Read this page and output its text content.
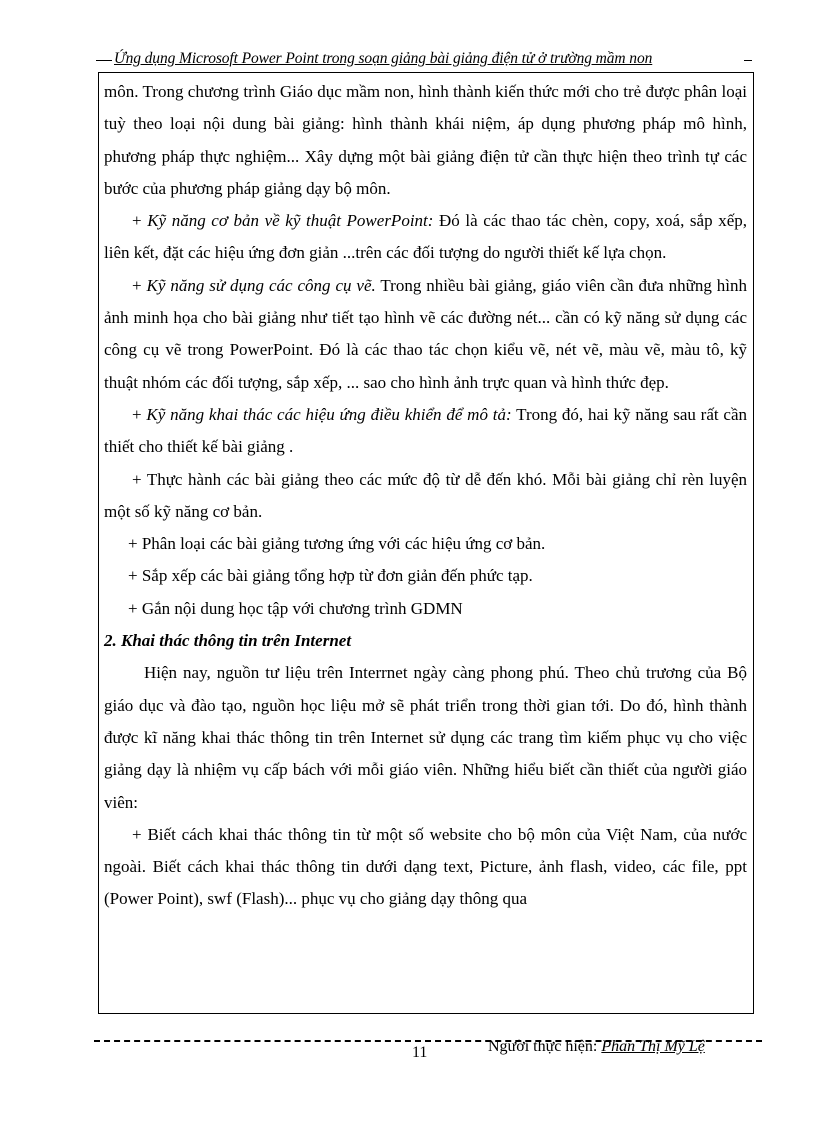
Ứng dụng Microsoft Power Point trong soạn giảng bài giảng điện tử ở trường mầm non

môn. Trong chương trình Giáo dục mầm non, hình thành kiến thức mới cho trẻ được phân loại tuỳ theo loại nội dung bài giảng: hình thành khái niệm, áp dụng phương pháp mô hình, phương pháp thực nghiệm... Xây dựng một bài giảng điện tử cần thực hiện theo trình tự các bước của phương pháp giảng dạy bộ môn.

+ Kỹ năng cơ bản về kỹ thuật PowerPoint: Đó là các thao tác chèn, copy, xoá, sắp xếp, liên kết, đặt các hiệu ứng đơn giản ...trên các đối tượng do người thiết kế lựa chọn.

+ Kỹ năng sử dụng các công cụ vẽ. Trong nhiều bài giảng, giáo viên cần đưa những hình ảnh minh họa cho bài giảng như tiết tạo hình vẽ các đường nét... cần có kỹ năng sử dụng các công cụ vẽ trong PowerPoint. Đó là các thao tác chọn kiểu vẽ, nét vẽ, màu vẽ, màu tô, kỹ thuật nhóm các đối tượng, sắp xếp, ... sao cho hình ảnh trực quan và hình thức đẹp.

+ Kỹ năng khai thác các hiệu ứng điều khiển để mô tả: Trong đó, hai kỹ năng sau rất cần thiết cho thiết kế bài giảng .

+ Thực hành các bài giảng theo các mức độ từ dễ đến khó. Mỗi bài giảng chỉ rèn luyện một số kỹ năng cơ bản.

+ Phân loại các bài giảng tương ứng với các hiệu ứng cơ bản.

+ Sắp xếp các bài giảng tổng hợp từ đơn giản đến phức tạp.

+ Gắn nội dung học tập với chương trình GDMN

2. Khai thác thông tin trên Internet

Hiện nay, nguồn tư liệu trên Interrnet ngày càng phong phú. Theo chủ trương của Bộ giáo dục và đào tạo, nguồn học liệu mở sẽ phát triển trong thời gian tới. Do đó, hình thành được kĩ năng khai thác thông tin trên Internet sử dụng các trang tìm kiếm phục vụ cho việc giảng dạy là nhiệm vụ cấp bách với mỗi giáo viên. Những hiểu biết cần thiết của người giáo viên:

+ Biết cách khai thác thông tin từ một số website cho bộ môn của Việt Nam, của nước ngoài. Biết cách khai thác thông tin dưới dạng text, Picture, ảnh flash, video, các file, ppt (Power Point), swf (Flash)... phục vụ cho giảng dạy thông qua

11	Người thực hiện: Phan Thị Mỹ Lệ
